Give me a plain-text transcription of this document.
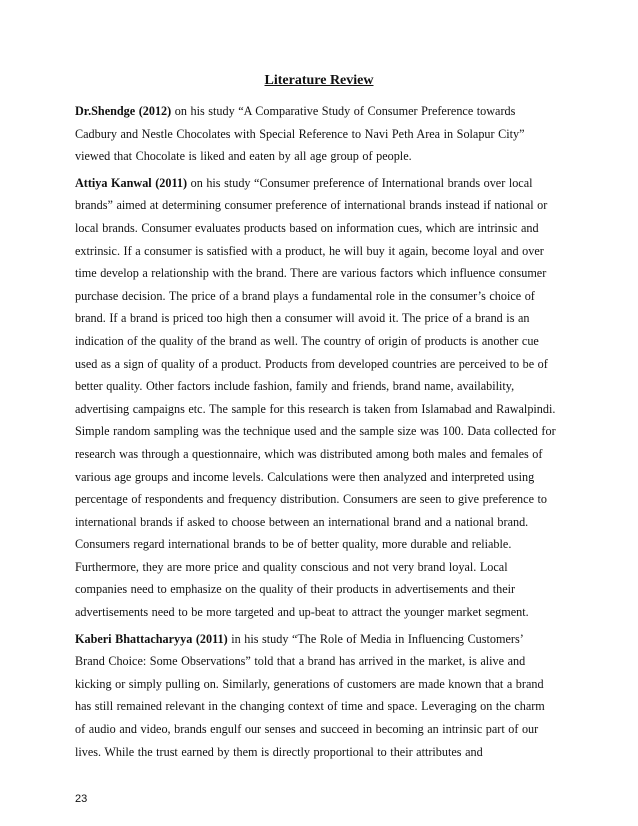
Literature Review
Dr.Shendge (2012) on his study “A Comparative Study of Consumer Preference towards
Cadbury and Nestle Chocolates with Special Reference to Navi Peth Area in Solapur City”
viewed that Chocolate is liked and eaten by all age group of people.
Attiya Kanwal (2011) on his study “Consumer preference of International brands over local
brands” aimed at determining consumer preference of international brands instead if national or
local brands. Consumer evaluates products based on information cues, which are intrinsic and
extrinsic. If a consumer is satisfied with a product, he will buy it again, become loyal and over
time develop a relationship with the brand. There are various factors which influence consumer
purchase decision. The price of a brand plays a fundamental role in the consumer’s choice of
brand. If a brand is priced too high then a consumer will avoid it. The price of a brand is an
indication of the quality of the brand as well. The country of origin of products is another cue
used as a sign of quality of a product. Products from developed countries are perceived to be of
better quality. Other factors include fashion, family and friends, brand name, availability,
advertising campaigns etc. The sample for this research is taken from Islamabad and Rawalpindi.
Simple random sampling was the technique used and the sample size was 100. Data collected for
research was through a questionnaire, which was distributed among both males and females of
various age groups and income levels. Calculations were then analyzed and interpreted using
percentage of respondents and frequency distribution. Consumers are seen to give preference to
international brands if asked to choose between an international brand and a national brand.
Consumers regard international brands to be of better quality, more durable and reliable.
Furthermore, they are more price and quality conscious and not very brand loyal. Local
companies need to emphasize on the quality of their products in advertisements and their
advertisements need to be more targeted and up-beat to attract the younger market segment.
Kaberi Bhattacharyya (2011) in his study “The Role of Media in Influencing Customers’
Brand Choice: Some Observations” told that a brand has arrived in the market, is alive and
kicking or simply pulling on. Similarly, generations of customers are made known that a brand
has still remained relevant in the changing context of time and space. Leveraging on the charm
of audio and video, brands engulf our senses and succeed in becoming an intrinsic part of our
lives. While the trust earned by them is directly proportional to their attributes and
23
